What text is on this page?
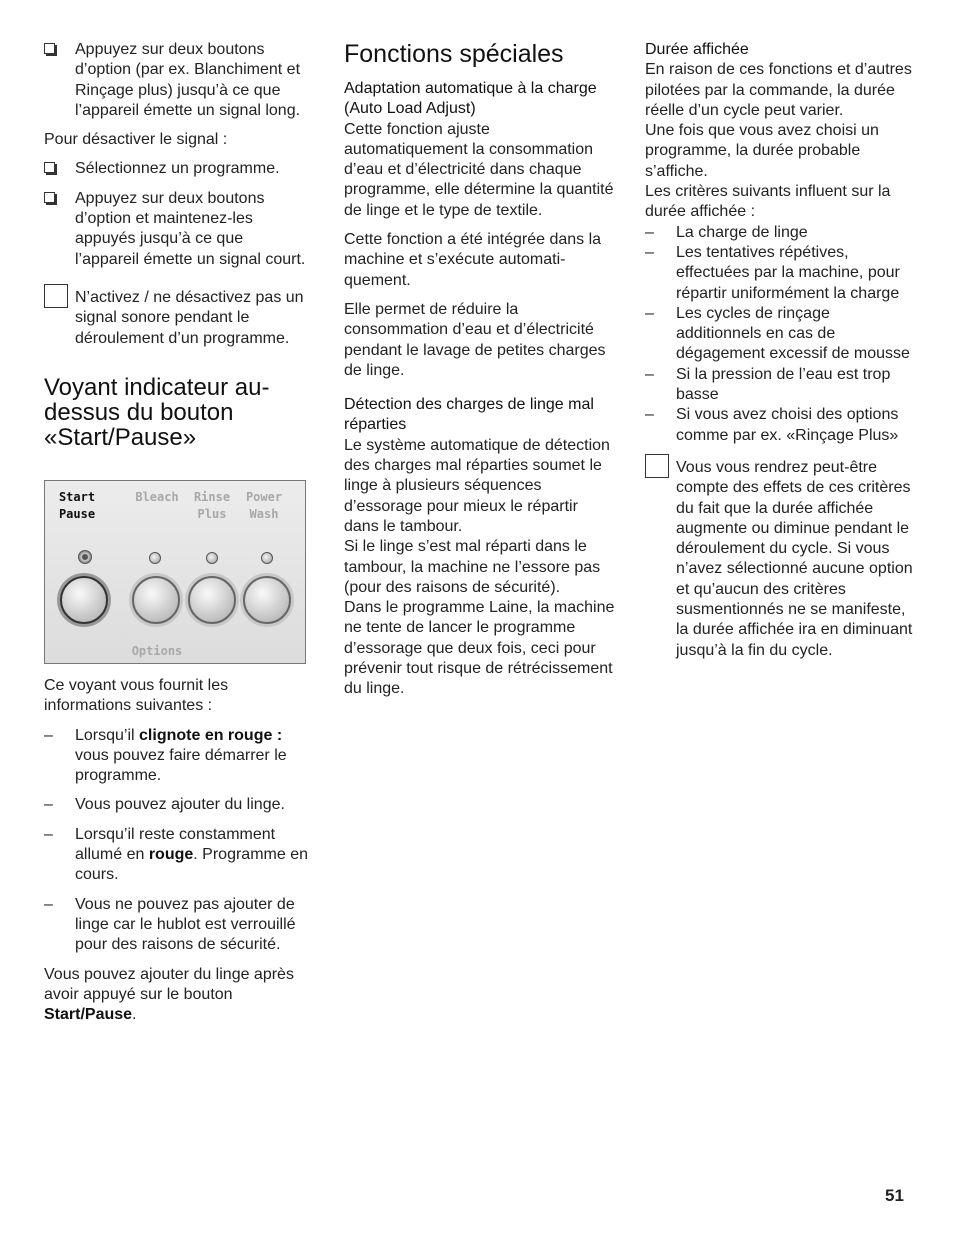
Appuyez sur deux boutons d’option (par ex. Blanchiment et Rinçage plus) jusqu’à ce que l’appareil émette un signal long.

Pour désactiver le signal :

Sélectionnez un programme.
Appuyez sur deux boutons d’option et maintenez-les appuyés jusqu’à ce que l’appareil émette un signal court.
N’activez / ne désactivez pas un signal sonore pendant le déroulement d’un programme.
Voyant indicateur au-dessus du bouton «Start/Pause»
Start
Pause
Bleach	Rinse
Plus
Power
Wash
Options

Ce voyant vous fournit les informations suivantes :

– Lorsqu’il clignote en rouge : vous pouvez faire démarrer le programme.
– Vous pouvez ajouter du linge.
– Lorsqu’il reste constamment allumé en rouge. Programme en cours.
– Vous ne pouvez pas ajouter de linge car le hublot est verrouillé pour des raisons de sécurité.

Vous pouvez ajouter du linge après avoir appuyé sur le bouton Start/Pause.

Fonctions spéciales
Adaptation automatique à la charge (Auto Load Adjust)

Cette fonction ajuste automatiquement la consommation d’eau et d’électricité dans chaque programme, elle détermine la quantité de linge et le type de textile.

Cette fonction a été intégrée dans la machine et s’exécute automati-quement.

Elle permet de réduire la consommation d’eau et d’électricité pendant le lavage de petites charges de linge.

Détection des charges de linge mal réparties
Le système automatique de détection des charges mal réparties soumet le linge à plusieurs séquences d’essorage pour mieux le répartir dans le tambour.
Si le linge s’est mal réparti dans le tambour, la machine ne l’essore pas (pour des raisons de sécurité).
Dans le programme Laine, la machine ne tente de lancer le programme d’essorage que deux fois, ceci pour prévenir tout risque de rétrécissement du linge.
Durée affichée
En raison de ces fonctions et d’autres pilotées par la commande, la durée réelle d’un cycle peut varier.
Une fois que vous avez choisi un programme, la durée probable s’affiche.
Les critères suivants influent sur la durée affichée :
– La charge de linge
– Les tentatives répétives, effectuées par la machine, pour répartir uniformément la charge
– Les cycles de rinçage additionnels en cas de dégagement excessif de mousse
– Si la pression de l’eau est trop basse
– Si vous avez choisi des options comme par ex. «Rinçage Plus»
Vous vous rendrez peut-être compte des effets de ces critères du fait que la durée affichée augmente ou diminue pendant le déroulement du cycle. Si vous n’avez sélectionné aucune option et qu’aucun des critères susmentionnés ne se manifeste, la durée affichée ira en diminuant jusqu’à la fin du cycle.
51
